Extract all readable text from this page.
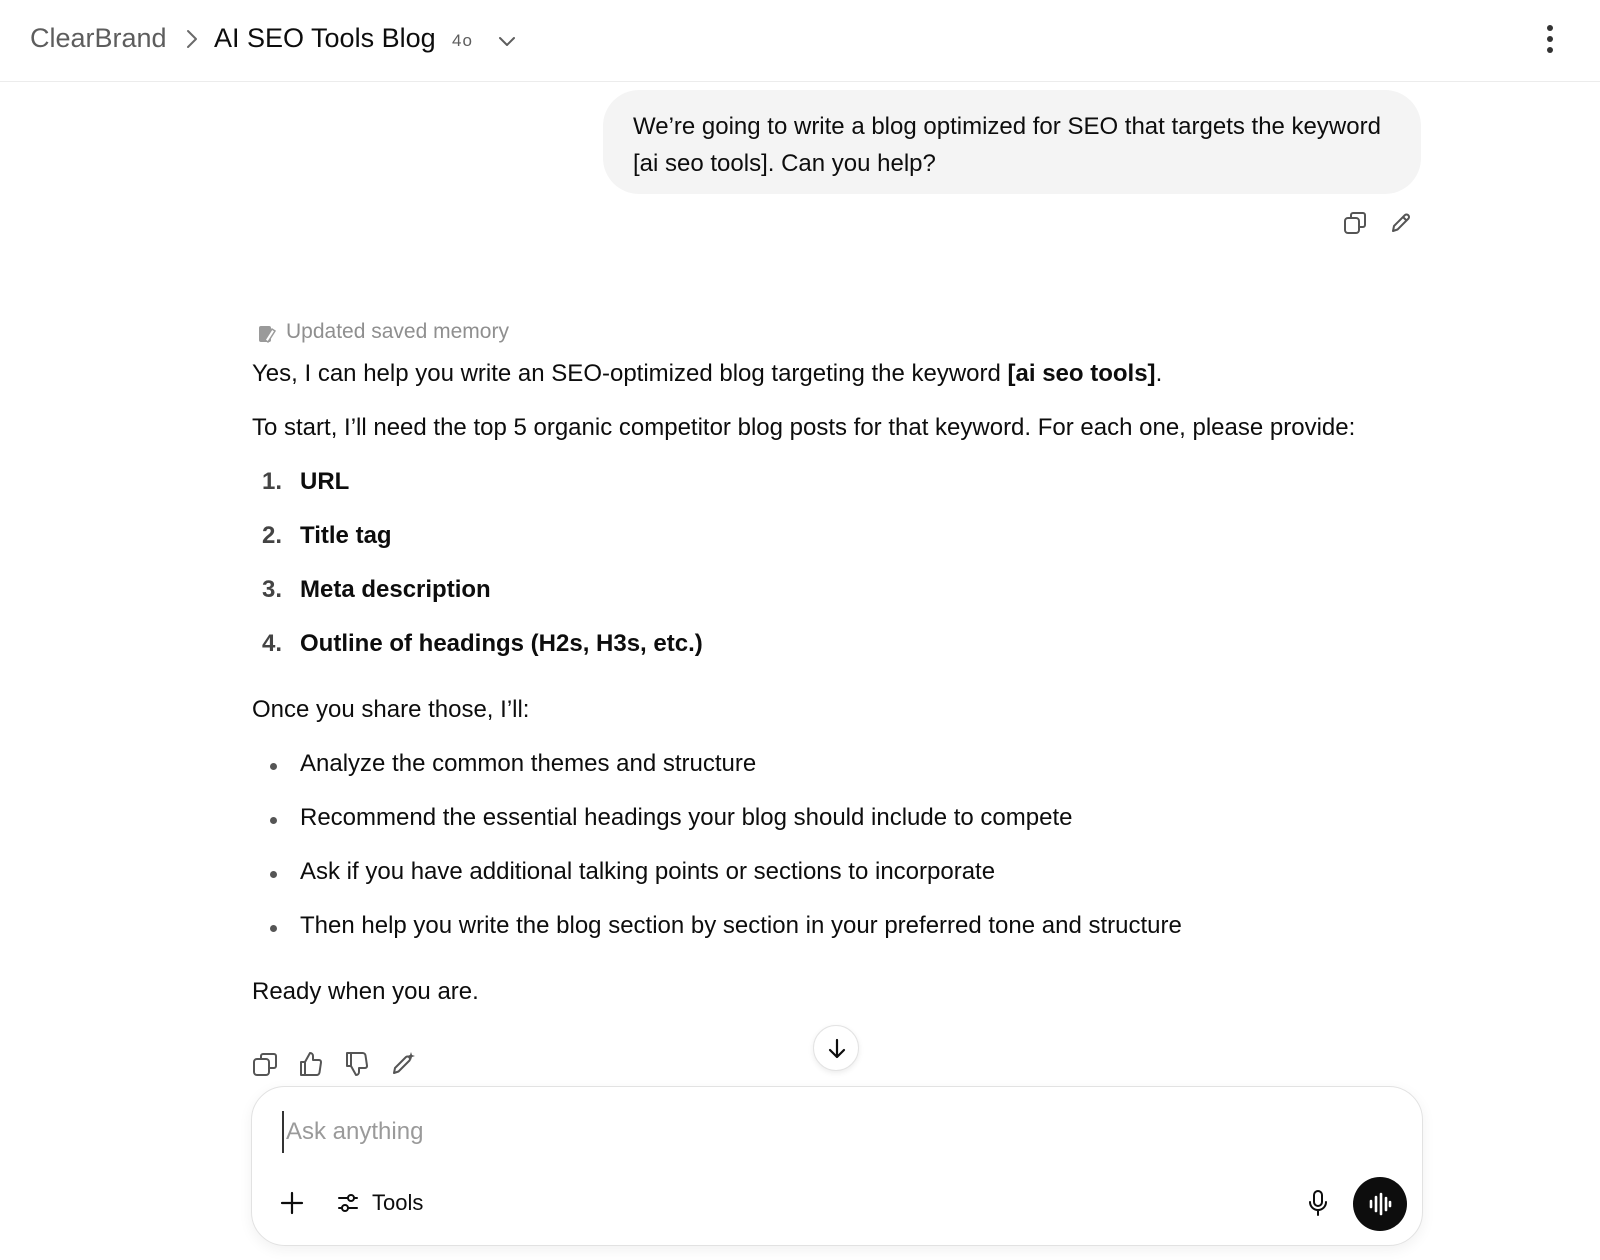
ClearBrand AI SEO Tools Blog 4o
We’re going to write a blog optimized for SEO that targets the keyword [ai seo tools]. Can you help?
Updated saved memory
Yes, I can help you write an SEO-optimized blog targeting the keyword [ai seo tools].
To start, I’ll need the top 5 organic competitor blog posts for that keyword. For each one, please provide:
1. URL
2. Title tag
3. Meta description
4. Outline of headings (H2s, H3s, etc.)
Once you share those, I’ll:
Analyze the common themes and structure
Recommend the essential headings your blog should include to compete
Ask if you have additional talking points or sections to incorporate
Then help you write the blog section by section in your preferred tone and structure
Ready when you are.
Ask anything
Tools
